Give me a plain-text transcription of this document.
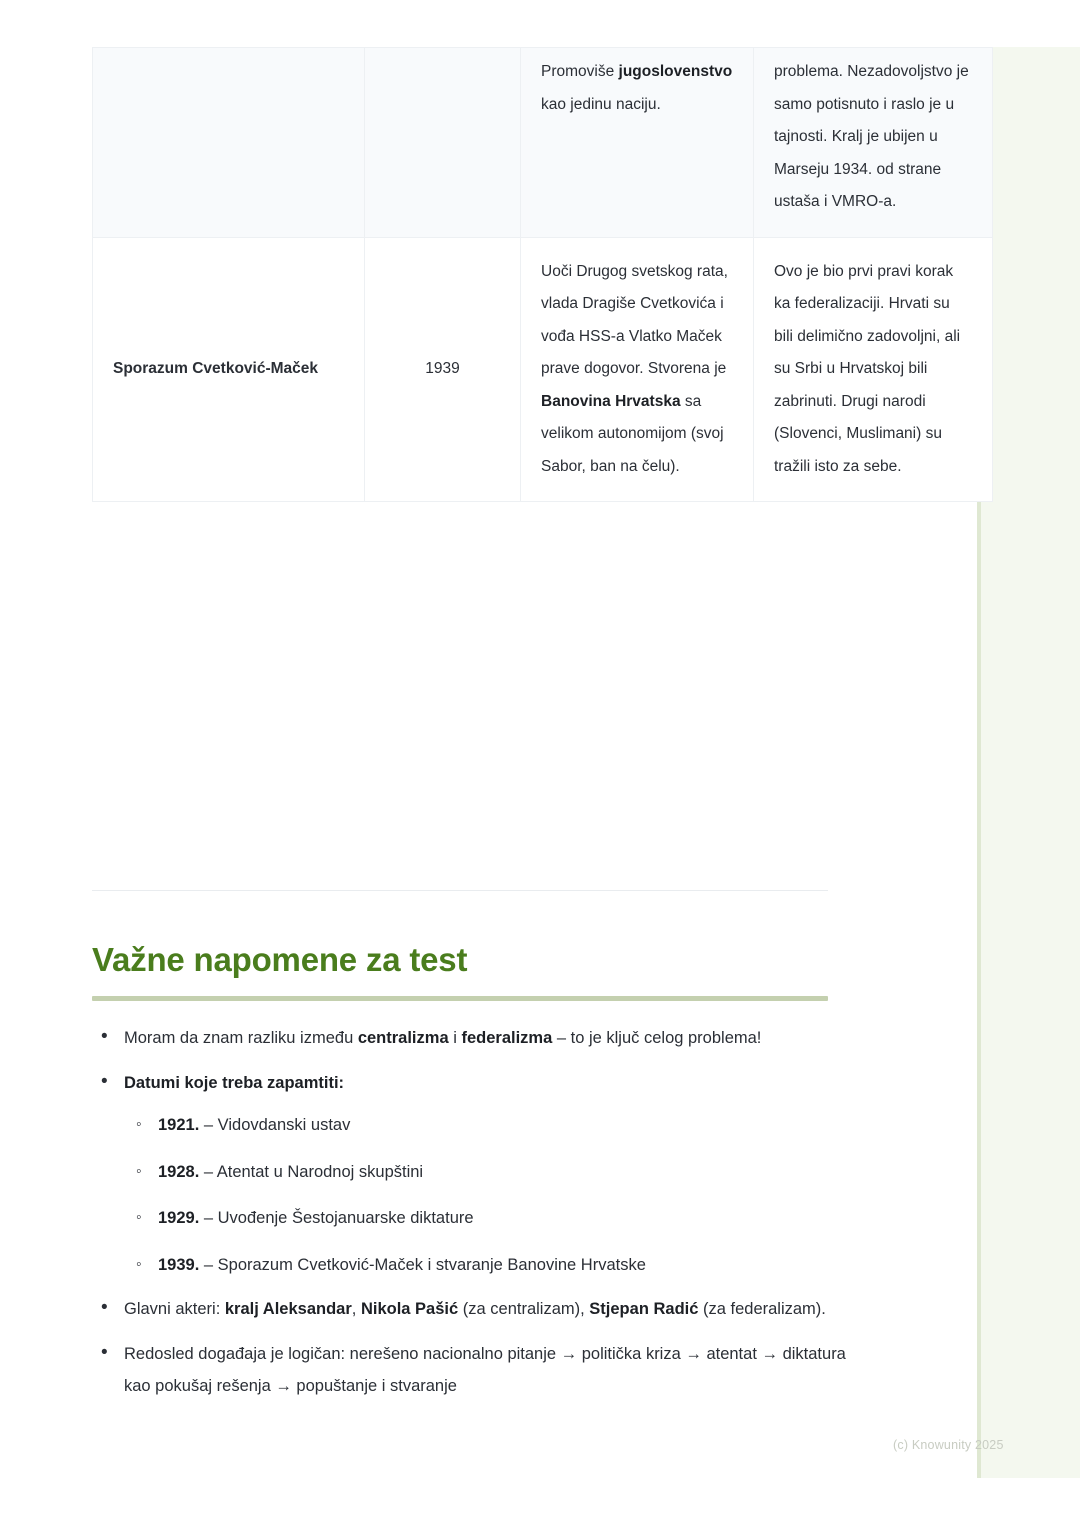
		Promoviše jugoslovenstvo kao jedinu naciju.	problema. Nezadovoljstvo je samo potisnuto i raslo je u tajnosti. Kralj je ubijen u Marseju 1934. od strane ustaša i VMRO-a.

Sporazum Cvetković-Maček	1939	Uoči Drugog svetskog rata, vlada Dragiše Cvetkovića i vođa HSS-a Vlatko Maček prave dogovor. Stvorena je Banovina Hrvatska sa velikom autonomijom (svoj Sabor, ban na čelu).	Ovo je bio prvi pravi korak ka federalizaciji. Hrvati su bili delimično zadovoljni, ali su Srbi u Hrvatskoj bili zabrinuti. Drugi narodi (Slovenci, Muslimani) su tražili isto za sebe.

Važne napomene za test
• Moram da znam razliku između centralizma i federalizma – to je ključ celog problema!
• Datumi koje treba zapamtiti:
◦ 1921. – Vidovdanski ustav
◦ 1928. – Atentat u Narodnoj skupštini
◦ 1929. – Uvođenje Šestojanuarske diktature
◦ 1939. – Sporazum Cvetković-Maček i stvaranje Banovine Hrvatske
• Glavni akteri: kralj Aleksandar, Nikola Pašić (za centralizam), Stjepan Radić (za federalizam).
• Redosled događaja je logičan: nerešeno nacionalno pitanje → politička kriza → atentat → diktatura kao pokušaj rešenja → popuštanje i stvaranje
(c) Knowunity 2025
